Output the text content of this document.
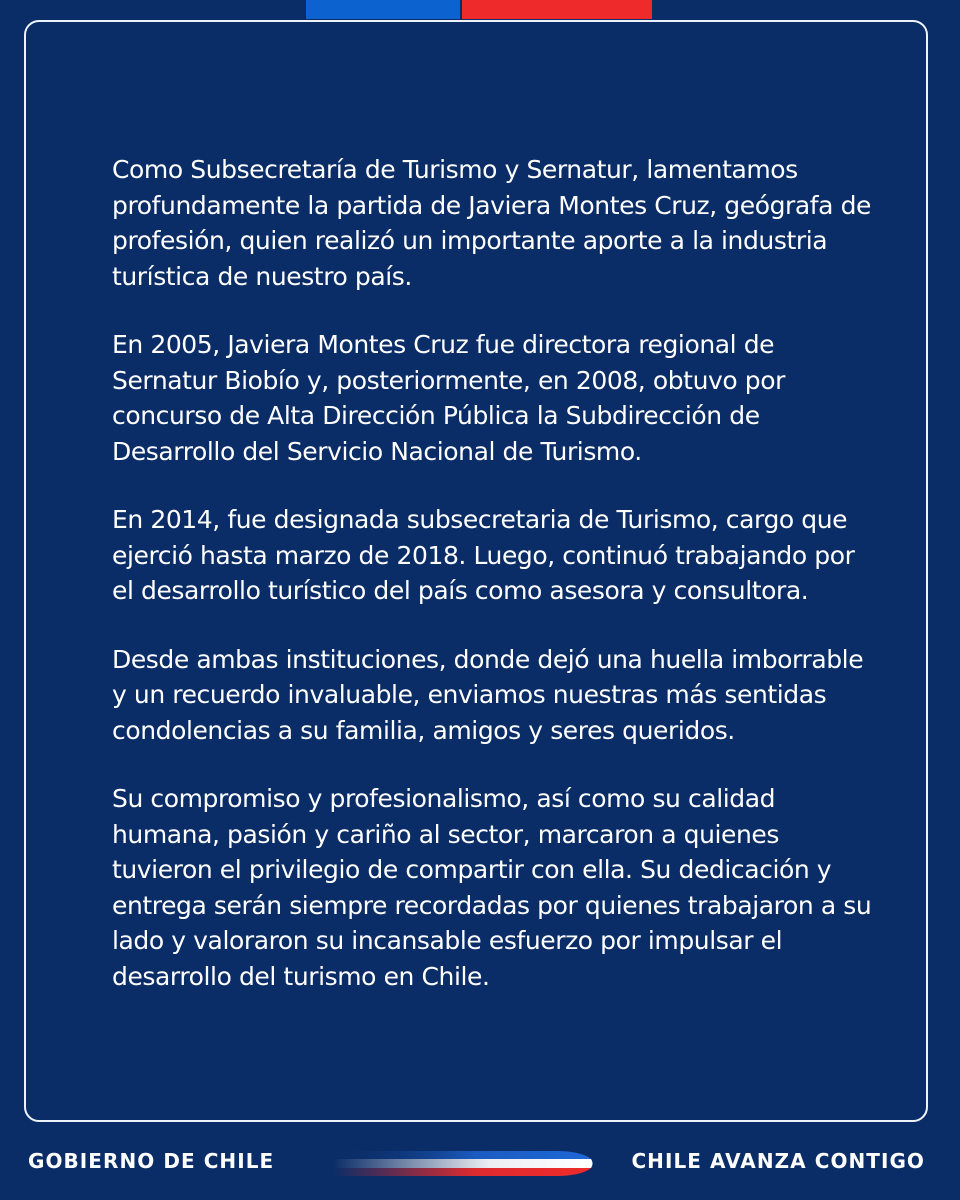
Como Subsecretaría de Turismo y Sernatur, lamentamos profundamente la partida de Javiera Montes Cruz, geógrafa de profesión, quien realizó un importante aporte a la industria turística de nuestro país.

En 2005, Javiera Montes Cruz fue directora regional de Sernatur Biobío y, posteriormente, en 2008, obtuvo por concurso de Alta Dirección Pública la Subdirección de Desarrollo del Servicio Nacional de Turismo.

En 2014, fue designada subsecretaria de Turismo, cargo que ejerció hasta marzo de 2018. Luego, continuó trabajando por el desarrollo turístico del país como asesora y consultora.

Desde ambas instituciones, donde dejó una huella imborrable y un recuerdo invaluable, enviamos nuestras más sentidas condolencias a su familia, amigos y seres queridos.

Su compromiso y profesionalismo, así como su calidad humana, pasión y cariño al sector, marcaron a quienes tuvieron el privilegio de compartir con ella. Su dedicación y entrega serán siempre recordadas por quienes trabajaron a su lado y valoraron su incansable esfuerzo por impulsar el desarrollo del turismo en Chile.

GOBIERNO DE CHILE	CHILE AVANZA CONTIGO
